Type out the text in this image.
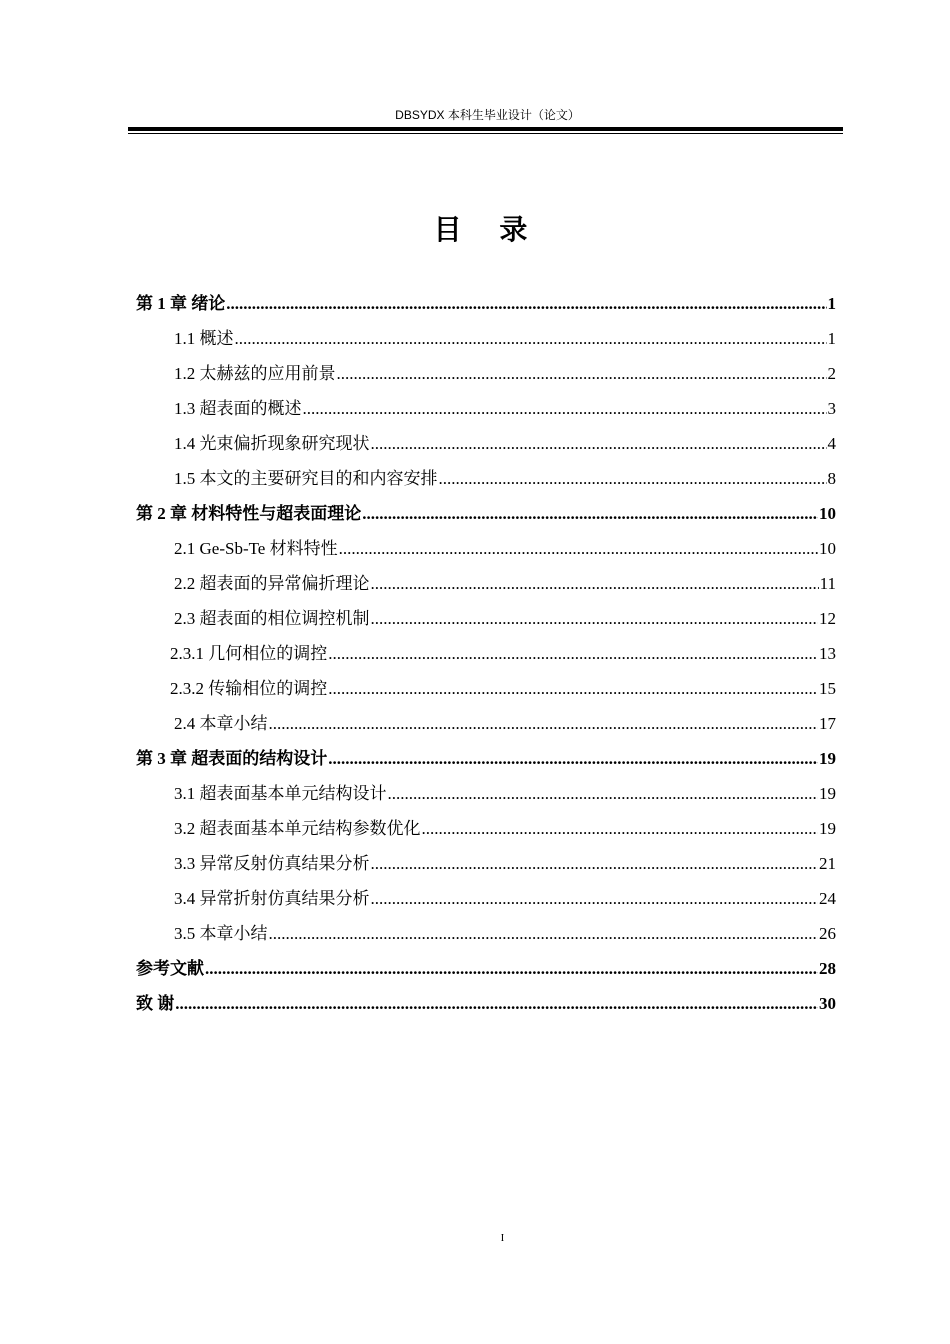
DBSYDX 本科生毕业设计（论文）
目 录
第 1 章 绪论 .....	1
1.1 概述 .....	1
1.2 太赫兹的应用前景 .....	2
1.3 超表面的概述 .....	3
1.4 光束偏折现象研究现状 .....	4
1.5 本文的主要研究目的和内容安排 .....	8
第 2 章 材料特性与超表面理论 .....	10
2.1 Ge-Sb-Te 材料特性 .....	10
2.2 超表面的异常偏折理论 .....	11
2.3 超表面的相位调控机制 .....	12
2.3.1 几何相位的调控 .....	13
2.3.2 传输相位的调控 .....	15
2.4 本章小结 .....	17
第 3 章 超表面的结构设计 .....	19
3.1 超表面基本单元结构设计 .....	19
3.2 超表面基本单元结构参数优化 .....	19
3.3 异常反射仿真结果分析 .....	21
3.4 异常折射仿真结果分析 .....	24
3.5 本章小结 .....	26
参考文献 .....	28
致 谢 .....	30
I
